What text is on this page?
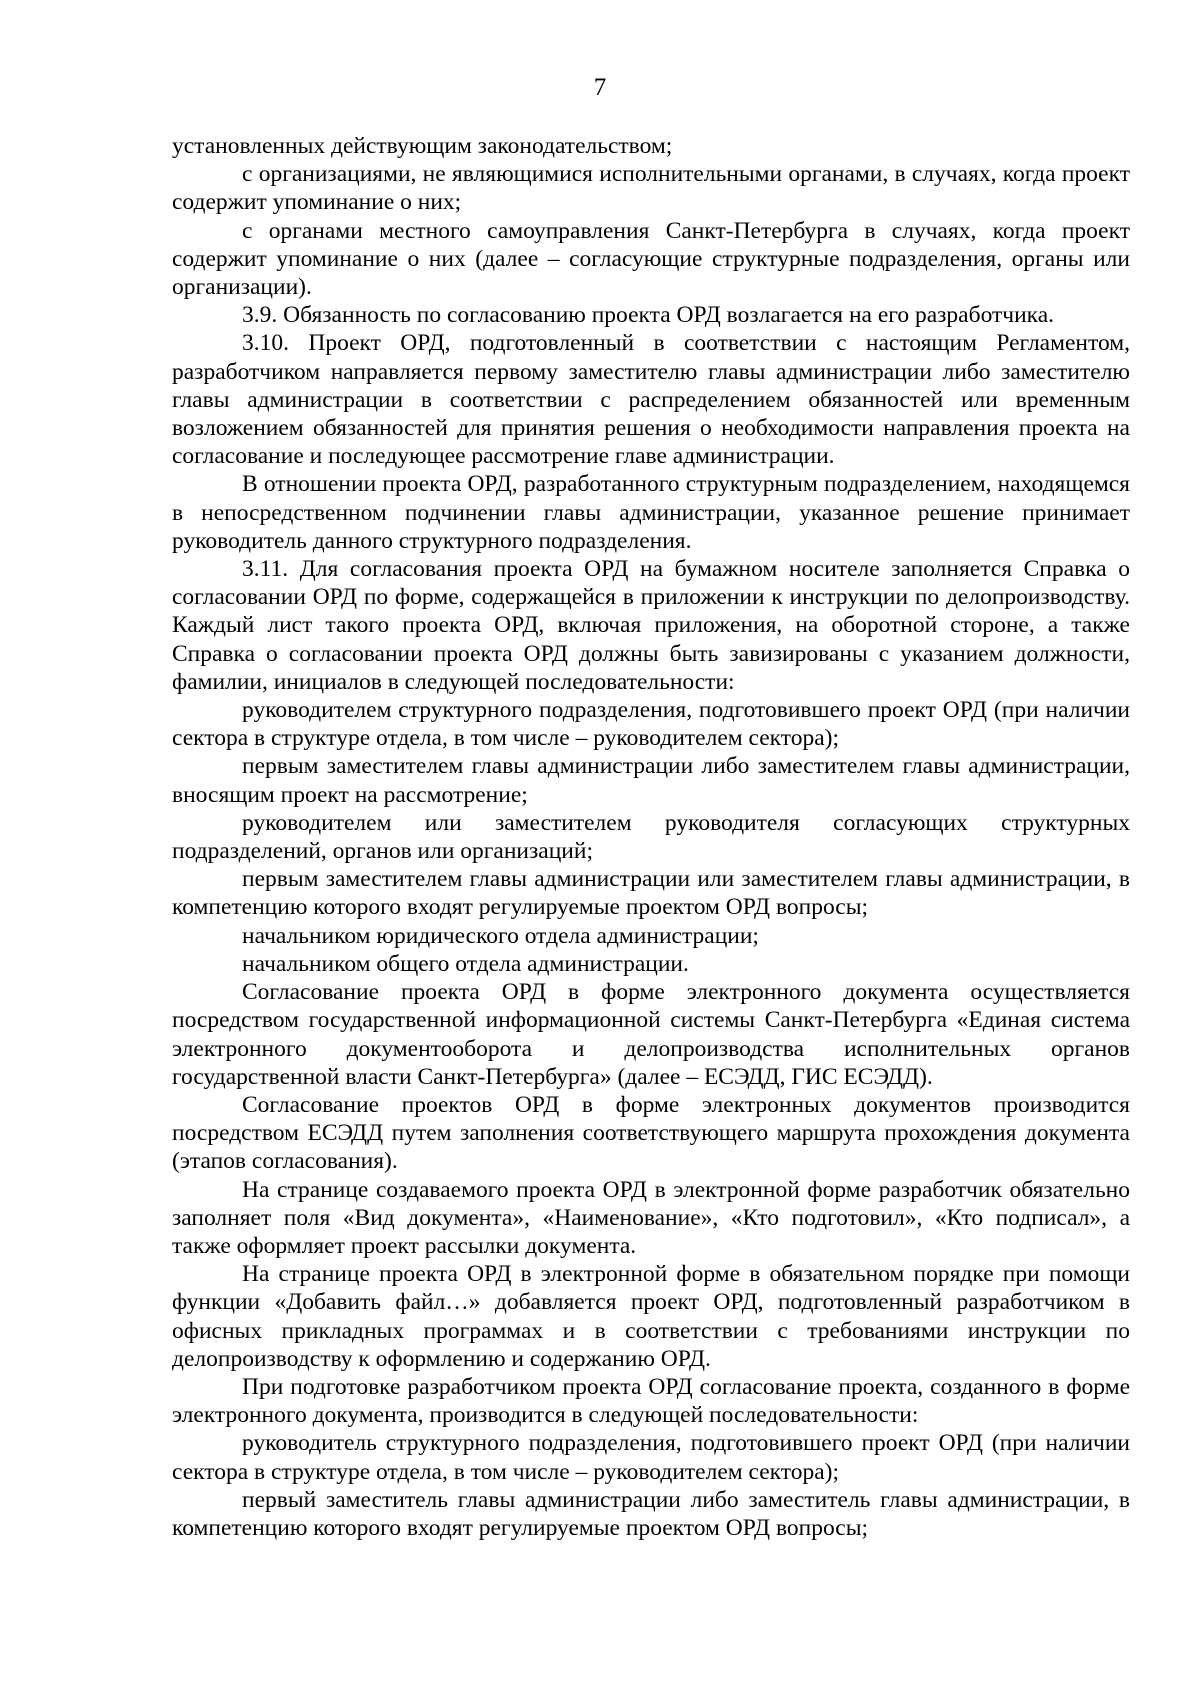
7

установленных действующим законодательством;

с организациями, не являющимися исполнительными органами, в случаях, когда проект содержит упоминание о них;

с органами местного самоуправления Санкт-Петербурга в случаях, когда проект содержит упоминание о них (далее – согласующие структурные подразделения, органы или организации).

3.9. Обязанность по согласованию проекта ОРД возлагается на его разработчика.

3.10. Проект ОРД, подготовленный в соответствии с настоящим Регламентом, разработчиком направляется первому заместителю главы администрации либо заместителю главы администрации в соответствии с распределением обязанностей или временным возложением обязанностей для принятия решения о необходимости направления проекта на согласование и последующее рассмотрение главе администрации.

В отношении проекта ОРД, разработанного структурным подразделением, находящемся в непосредственном подчинении главы администрации, указанное решение принимает руководитель данного структурного подразделения.

3.11. Для согласования проекта ОРД на бумажном носителе заполняется Справка о согласовании ОРД по форме, содержащейся в приложении к инструкции по делопроизводству. Каждый лист такого проекта ОРД, включая приложения, на оборотной стороне, а также Справка о согласовании проекта ОРД должны быть завизированы с указанием должности, фамилии, инициалов в следующей последовательности:

руководителем структурного подразделения, подготовившего проект ОРД (при наличии сектора в структуре отдела, в том числе – руководителем сектора);

первым заместителем главы администрации либо заместителем главы администрации, вносящим проект на рассмотрение;

руководителем или заместителем руководителя согласующих структурных подразделений, органов или организаций;

первым заместителем главы администрации или заместителем главы администрации, в компетенцию которого входят регулируемые проектом ОРД вопросы;

начальником юридического отдела администрации;

начальником общего отдела администрации.

Согласование проекта ОРД в форме электронного документа осуществляется посредством государственной информационной системы Санкт-Петербурга «Единая система электронного документооборота и делопроизводства исполнительных органов государственной власти Санкт-Петербурга» (далее – ЕСЭДД, ГИС ЕСЭДД).

Согласование проектов ОРД в форме электронных документов производится посредством ЕСЭДД путем заполнения соответствующего маршрута прохождения документа (этапов согласования).

На странице создаваемого проекта ОРД в электронной форме разработчик обязательно заполняет поля «Вид документа», «Наименование», «Кто подготовил», «Кто подписал», а также оформляет проект рассылки документа.

На странице проекта ОРД в электронной форме в обязательном порядке при помощи функции «Добавить файл…» добавляется проект ОРД, подготовленный разработчиком в офисных прикладных программах и в соответствии с требованиями инструкции по делопроизводству к оформлению и содержанию ОРД.

При подготовке разработчиком проекта ОРД согласование проекта, созданного в форме электронного документа, производится в следующей последовательности:

руководитель структурного подразделения, подготовившего проект ОРД (при наличии сектора в структуре отдела, в том числе – руководителем сектора);

первый заместитель главы администрации либо заместитель главы администрации, в компетенцию которого входят регулируемые проектом ОРД вопросы;
